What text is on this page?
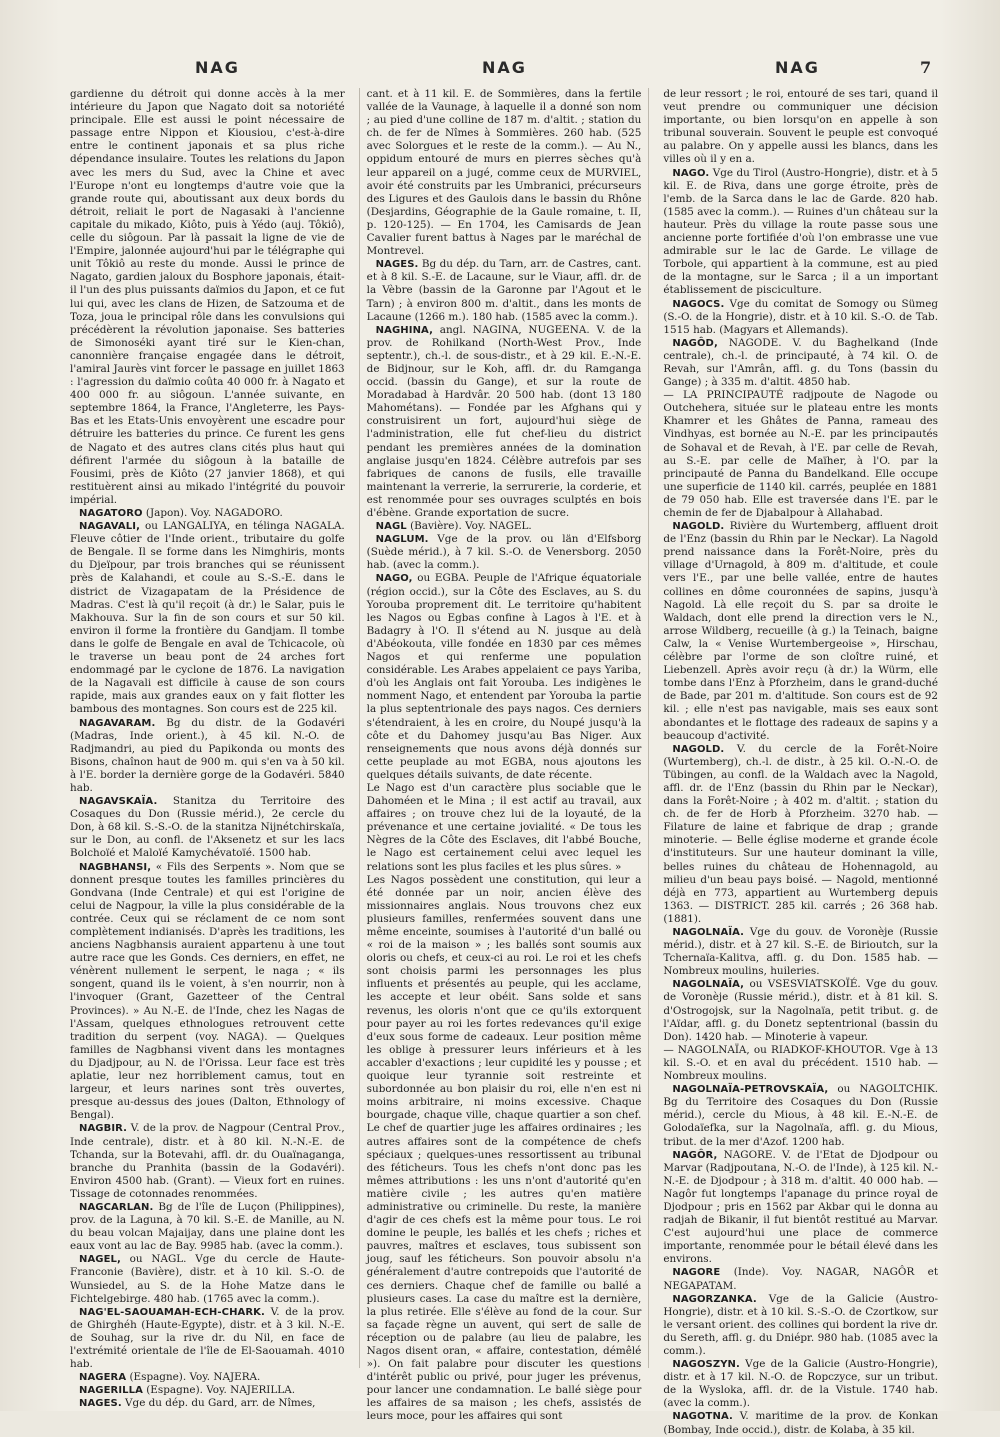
NAG	NAG	NAG	7

gardienne du détroit qui donne accès à la mer intérieure du Japon que Nagato doit sa notoriété principale. Elle est aussi le point nécessaire de passage entre Nippon et Kiousiou, c'est-à-dire entre le continent japonais et sa plus riche dépendance insulaire. Toutes les relations du Japon avec les mers du Sud, avec la Chine et avec l'Europe n'ont eu longtemps d'autre voie que la grande route qui, aboutissant aux deux bords du détroit, reliait le port de Nagasaki à l'ancienne capitale du mikado, Kiôto, puis à Yédo (auj. Tôkiô), celle du siôgoun. Par là passait la ligne de vie de l'Empire, jalonnée aujourd'hui par le télégraphe qui unit Tôkiô au reste du monde. Aussi le prince de Nagato, gardien jaloux du Bosphore japonais, était-il l'un des plus puissants daïmios du Japon, et ce fut lui qui, avec les clans de Hizen, de Satzouma et de Toza, joua le principal rôle dans les convulsions qui précédèrent la révolution japonaise. Ses batteries de Simonoséki ayant tiré sur le Kien-chan, canonnière française engagée dans le détroit, l'amiral Jaurès vint forcer le passage en juillet 1863 : l'agression du daïmio coûta 40 000 fr. à Nagato et 400 000 fr. au siôgoun. L'année suivante, en septembre 1864, la France, l'Angleterre, les Pays-Bas et les Etats-Unis envoyèrent une escadre pour détruire les batteries du prince. Ce furent les gens de Nagato et des autres clans cités plus haut qui défirent l'armée du siôgoun à la bataille de Fousimi, près de Kiôto (27 janvier 1868), et qui restituèrent ainsi au mikado l'intégrité du pouvoir impérial.

NAGATORO (Japon). Voy. NAGADORO.

NAGAVALI, ou LANGALIYA, en télinga NAGALA. Fleuve côtier de l'Inde orient., tributaire du golfe de Bengale. Il se forme dans les Nimghiris, monts du Djeïpour, par trois branches qui se réunissent près de Kalahandi, et coule au S.-S.-E. dans le district de Vizagapatam de la Présidence de Madras. C'est là qu'il reçoit (à dr.) le Salar, puis le Makhouva. Sur la fin de son cours et sur 50 kil. environ il forme la frontière du Gandjam. Il tombe dans le golfe de Bengale en aval de Tchicacole, où le traverse un beau pont de 24 arches fort endommagé par le cyclone de 1876. La navigation de la Nagavali est difficile à cause de son cours rapide, mais aux grandes eaux on y fait flotter les bambous des montagnes. Son cours est de 225 kil.

NAGAVARAM. Bg du distr. de la Godavéri (Madras, Inde orient.), à 45 kil. N.-O. de Radjmandri, au pied du Papikonda ou monts des Bisons, chaînon haut de 900 m. qui s'en va à 50 kil. à l'E. border la dernière gorge de la Godavéri. 5840 hab.

NAGAVSKAÏA. Stanitza du Territoire des Cosaques du Don (Russie mérid.), 2e cercle du Don, à 68 kil. S.-S.-O. de la stanitza Nijnétchirskaïa, sur le Don, au confl. de l'Aksenetz et sur les lacs Bolchoïé et Maloïé Kamychévatoïé. 1500 hab.

NAGBHANSI, « Fils des Serpents ». Nom que se donnent presque toutes les familles princières du Gondvana (Inde Centrale) et qui est l'origine de celui de Nagpour, la ville la plus considérable de la contrée. Ceux qui se réclament de ce nom sont complètement indianisés. D'après les traditions, les anciens Nagbhansis auraient appartenu à une tout autre race que les Gonds. Ces derniers, en effet, ne vénèrent nullement le serpent, le naga ; « ils songent, quand ils le voient, à s'en nourrir, non à l'invoquer (Grant, Gazetteer of the Central Provinces). » Au N.-E. de l'Inde, chez les Nagas de l'Assam, quelques ethnologues retrouvent cette tradition du serpent (voy. NAGA). — Quelques familles de Nagbhansi vivent dans les montagnes du Djadjpour, au N. de l'Orissa. Leur face est très aplatie, leur nez horriblement camus, tout en largeur, et leurs narines sont très ouvertes, presque au-dessus des joues (Dalton, Ethnology of Bengal).

NAGBIR. V. de la prov. de Nagpour (Central Prov., Inde centrale), distr. et à 80 kil. N.-N.-E. de Tchanda, sur la Botevahi, affl. dr. du Ouaïnaganga, branche du Pranhita (bassin de la Godavéri). Environ 4500 hab. (Grant). — Vieux fort en ruines. Tissage de cotonnades renommées.

NAGCARLAN. Bg de l'île de Luçon (Philippines), prov. de la Laguna, à 70 kil. S.-E. de Manille, au N. du beau volcan Majaijay, dans une plaine dont les eaux vont au lac de Bay. 9985 hab. (avec la comm.).

NAGEL, ou NAGL. Vge du cercle de Haute-Franconie (Bavière), distr. et à 10 kil. S.-O. de Wunsiedel, au S. de la Hohe Matze dans le Fichtelgebirge. 480 hab. (1765 avec la comm.).

NAG'EL-SAOUAMAH-ECH-CHARK. V. de la prov. de Ghirghéh (Haute-Egypte), distr. et à 3 kil. N.-E. de Souhag, sur la rive dr. du Nil, en face de l'extrémité orientale de l'île de El-Saouamah. 4010 hab.

NAGERA (Espagne). Voy. NAJERA.

NAGERILLA (Espagne). Voy. NAJERILLA.

NAGES. Vge du dép. du Gard, arr. de Nîmes,

cant. et à 11 kil. E. de Sommières, dans la fertile vallée de la Vaunage, à laquelle il a donné son nom ; au pied d'une colline de 187 m. d'altit. ; station du ch. de fer de Nîmes à Sommières. 260 hab. (525 avec Solorgues et le reste de la comm.). — Au N., oppidum entouré de murs en pierres sèches qu'à leur appareil on a jugé, comme ceux de MURVIEL, avoir été construits par les Umbranici, précurseurs des Ligures et des Gaulois dans le bassin du Rhône (Desjardins, Géographie de la Gaule romaine, t. II, p. 120-125). — En 1704, les Camisards de Jean Cavalier furent battus à Nages par le maréchal de Montrevel.

NAGES. Bg du dép. du Tarn, arr. de Castres, cant. et à 8 kil. S.-E. de Lacaune, sur le Viaur, affl. dr. de la Vèbre (bassin de la Garonne par l'Agout et le Tarn) ; à environ 800 m. d'altit., dans les monts de Lacaune (1266 m.). 180 hab. (1585 avec la comm.).

NAGHINA, angl. NAGINA, NUGEENA. V. de la prov. de Rohilkand (North-West Prov., Inde septentr.), ch.-l. de sous-distr., et à 29 kil. E.-N.-E. de Bidjnour, sur le Koh, affl. dr. du Ramganga occid. (bassin du Gange), et sur la route de Moradabad à Hardvâr. 20 500 hab. (dont 13 180 Mahométans). — Fondée par les Afghans qui y construisirent un fort, aujourd'hui siège de l'administration, elle fut chef-lieu du district pendant les premières années de la domination anglaise jusqu'en 1824. Célèbre autrefois par ses fabriques de canons de fusils, elle travaille maintenant la verrerie, la serrurerie, la corderie, et est renommée pour ses ouvrages sculptés en bois d'ébène. Grande exportation de sucre.

NAGL (Bavière). Voy. NAGEL.

NAGLUM. Vge de la prov. ou län d'Elfsborg (Suède mérid.), à 7 kil. S.-O. de Venersborg. 2050 hab. (avec la comm.).

NAGO, ou EGBA. Peuple de l'Afrique équatoriale (région occid.), sur la Côte des Esclaves, au S. du Yorouba proprement dit. Le territoire qu'habitent les Nagos ou Egbas confine à Lagos à l'E. et à Badagry à l'O. Il s'étend au N. jusque au delà d'Abéokouta, ville fondée en 1830 par ces mêmes Nagos et qui renferme une population considérable. Les Arabes appelaient ce pays Yariba, d'où les Anglais ont fait Yorouba. Les indigènes le nomment Nago, et entendent par Yorouba la partie la plus septentrionale des pays nagos. Ces derniers s'étendraient, à les en croire, du Noupé jusqu'à la côte et du Dahomey jusqu'au Bas Niger. Aux renseignements que nous avons déjà donnés sur cette peuplade au mot EGBA, nous ajoutons les quelques détails suivants, de date récente.

Le Nago est d'un caractère plus sociable que le Dahoméen et le Mina ; il est actif au travail, aux affaires ; on trouve chez lui de la loyauté, de la prévenance et une certaine jovialité. « De tous les Nègres de la Côte des Esclaves, dit l'abbé Bouche, le Nago est certainement celui avec lequel les relations sont les plus faciles et les plus sûres. »

Les Nagos possèdent une constitution, qui leur a été donnée par un noir, ancien élève des missionnaires anglais. Nous trouvons chez eux plusieurs familles, renfermées souvent dans une même enceinte, soumises à l'autorité d'un ballé ou « roi de la maison » ; les ballés sont soumis aux oloris ou chefs, et ceux-ci au roi. Le roi et les chefs sont choisis parmi les personnages les plus influents et présentés au peuple, qui les acclame, les accepte et leur obéit. Sans solde et sans revenus, les oloris n'ont que ce qu'ils extorquent pour payer au roi les fortes redevances qu'il exige d'eux sous forme de cadeaux. Leur position même les oblige à pressurer leurs inférieurs et à les accabler d'exactions ; leur cupidité les y pousse ; et quoique leur tyrannie soit restreinte et subordonnée au bon plaisir du roi, elle n'en est ni moins arbitraire, ni moins excessive. Chaque bourgade, chaque ville, chaque quartier a son chef. Le chef de quartier juge les affaires ordinaires ; les autres affaires sont de la compétence de chefs spéciaux ; quelques-unes ressortissent au tribunal des féticheurs. Tous les chefs n'ont donc pas les mêmes attributions : les uns n'ont d'autorité qu'en matière civile ; les autres qu'en matière administrative ou criminelle. Du reste, la manière d'agir de ces chefs est la même pour tous. Le roi domine le peuple, les ballés et les chefs ; riches et pauvres, maîtres et esclaves, tous subissent son joug, sauf les féticheurs. Son pouvoir absolu n'a généralement d'autre contrepoids que l'autorité de ces derniers. Chaque chef de famille ou ballé a plusieurs cases. La case du maître est la dernière, la plus retirée. Elle s'élève au fond de la cour. Sur sa façade règne un auvent, qui sert de salle de réception ou de palabre (au lieu de palabre, les Nagos disent oran, « affaire, contestation, démêlé »). On fait palabre pour discuter les questions d'intérêt public ou privé, pour juger les prévenus, pour lancer une condamnation. Le ballé siège pour les affaires de sa maison ; les chefs, assistés de leurs moce, pour les affaires qui sont

de leur ressort ; le roi, entouré de ses tari, quand il veut prendre ou communiquer une décision importante, ou bien lorsqu'on en appelle à son tribunal souverain. Souvent le peuple est convoqué au palabre. On y appelle aussi les blancs, dans les villes où il y en a.

NAGO. Vge du Tirol (Austro-Hongrie), distr. et à 5 kil. E. de Riva, dans une gorge étroite, près de l'emb. de la Sarca dans le lac de Garde. 820 hab. (1585 avec la comm.). — Ruines d'un château sur la hauteur. Près du village la route passe sous une ancienne porte fortifiée d'où l'on embrasse une vue admirable sur le lac de Garde. Le village de Torbole, qui appartient à la commune, est au pied de la montagne, sur le Sarca ; il a un important établissement de pisciculture.

NAGOCS. Vge du comitat de Somogy ou Sümeg (S.-O. de la Hongrie), distr. et à 10 kil. S.-O. de Tab. 1515 hab. (Magyars et Allemands).

NAGÔD, NAGODE. V. du Baghelkand (Inde centrale), ch.-l. de principauté, à 74 kil. O. de Revah, sur l'Amrân, affl. g. du Tons (bassin du Gange) ; à 335 m. d'altit. 4850 hab.

— LA PRINCIPAUTÉ radjpoute de Nagode ou Outchehera, située sur le plateau entre les monts Khamrer et les Ghâtes de Panna, rameau des Vindhyas, est bornée au N.-E. par les principautés de Sohaval et de Revah, à l'E. par celle de Revah, au S.-E. par celle de Maïher, à l'O. par la principauté de Panna du Bandelkand. Elle occupe une superficie de 1140 kil. carrés, peuplée en 1881 de 79 050 hab. Elle est traversée dans l'E. par le chemin de fer de Djabalpour à Allahabad.

NAGOLD. Rivière du Wurtemberg, affluent droit de l'Enz (bassin du Rhin par le Neckar). La Nagold prend naissance dans la Forêt-Noire, près du village d'Urnagold, à 809 m. d'altitude, et coule vers l'E., par une belle vallée, entre de hautes collines en dôme couronnées de sapins, jusqu'à Nagold. Là elle reçoit du S. par sa droite le Waldach, dont elle prend la direction vers le N., arrose Wildberg, recueille (à g.) la Teinach, baigne Calw, la « Venise Wurtembergeoise », Hirschau, célèbre par l'orme de son cloître ruiné, et Liebenzell. Après avoir reçu (à dr.) la Würm, elle tombe dans l'Enz à Pforzheim, dans le grand-duché de Bade, par 201 m. d'altitude. Son cours est de 92 kil. ; elle n'est pas navigable, mais ses eaux sont abondantes et le flottage des radeaux de sapins y a beaucoup d'activité.

NAGOLD. V. du cercle de la Forêt-Noire (Wurtemberg), ch.-l. de distr., à 25 kil. O.-N.-O. de Tübingen, au confl. de la Waldach avec la Nagold, affl. dr. de l'Enz (bassin du Rhin par le Neckar), dans la Forêt-Noire ; à 402 m. d'altit. ; station du ch. de fer de Horb à Pforzheim. 3270 hab. — Filature de laine et fabrique de drap ; grande minoterie. — Belle église moderne et grande école d'instituteurs. Sur une hauteur dominant la ville, belles ruines du château de Hohennagold, au milieu d'un beau pays boisé. — Nagold, mentionné déjà en 773, appartient au Wurtemberg depuis 1363. — DISTRICT. 285 kil. carrés ; 26 368 hab. (1881).

NAGOLNAÏA. Vge du gouv. de Voronèje (Russie mérid.), distr. et à 27 kil. S.-E. de Birioutch, sur la Tchernaïa-Kalitva, affl. g. du Don. 1585 hab. — Nombreux moulins, huileries.

NAGOLNAÏA, ou VSESVIATSKOÏÉ. Vge du gouv. de Voronèje (Russie mérid.), distr. et à 81 kil. S. d'Ostrogojsk, sur la Nagolnaïa, petit tribut. g. de l'Aïdar, affl. g. du Donetz septentrional (bassin du Don). 1420 hab. — Minoterie à vapeur.

— NAGOLNAÏA, ou RIADKOF-KHOUTOR. Vge à 13 kil. S.-O. et en aval du précédent. 1510 hab. — Nombreux moulins.

NAGOLNAÏA-PETROVSKAÏA, ou NAGOLTCHIK. Bg du Territoire des Cosaques du Don (Russie mérid.), cercle du Mious, à 48 kil. E.-N.-E. de Golodaïefka, sur la Nagolnaïa, affl. g. du Mious, tribut. de la mer d'Azof. 1200 hab.

NAGÔR, NAGORE. V. de l'Etat de Djodpour ou Marvar (Radjpoutana, N.-O. de l'Inde), à 125 kil. N.-N.-E. de Djodpour ; à 318 m. d'altit. 40 000 hab. — Nagôr fut longtemps l'apanage du prince royal de Djodpour ; pris en 1562 par Akbar qui le donna au radjah de Bikanir, il fut bientôt restitué au Marvar. C'est aujourd'hui une place de commerce importante, renommée pour le bétail élevé dans les environs.

NAGORE (Inde). Voy. NAGAR, NAGÔR et NEGAPATAM.

NAGORZANKA. Vge de la Galicie (Austro-Hongrie), distr. et à 10 kil. S.-S.-O. de Czortkow, sur le versant orient. des collines qui bordent la rive dr. du Sereth, affl. g. du Dniépr. 980 hab. (1085 avec la comm.).

NAGOSZYN. Vge de la Galicie (Austro-Hongrie), distr. et à 17 kil. N.-O. de Ropczyce, sur un tribut. de la Wysloka, affl. dr. de la Vistule. 1740 hab. (avec la comm.).

NAGOTNA. V. maritime de la prov. de Konkan (Bombay, Inde occid.), distr. de Kolaba, à 35 kil.
